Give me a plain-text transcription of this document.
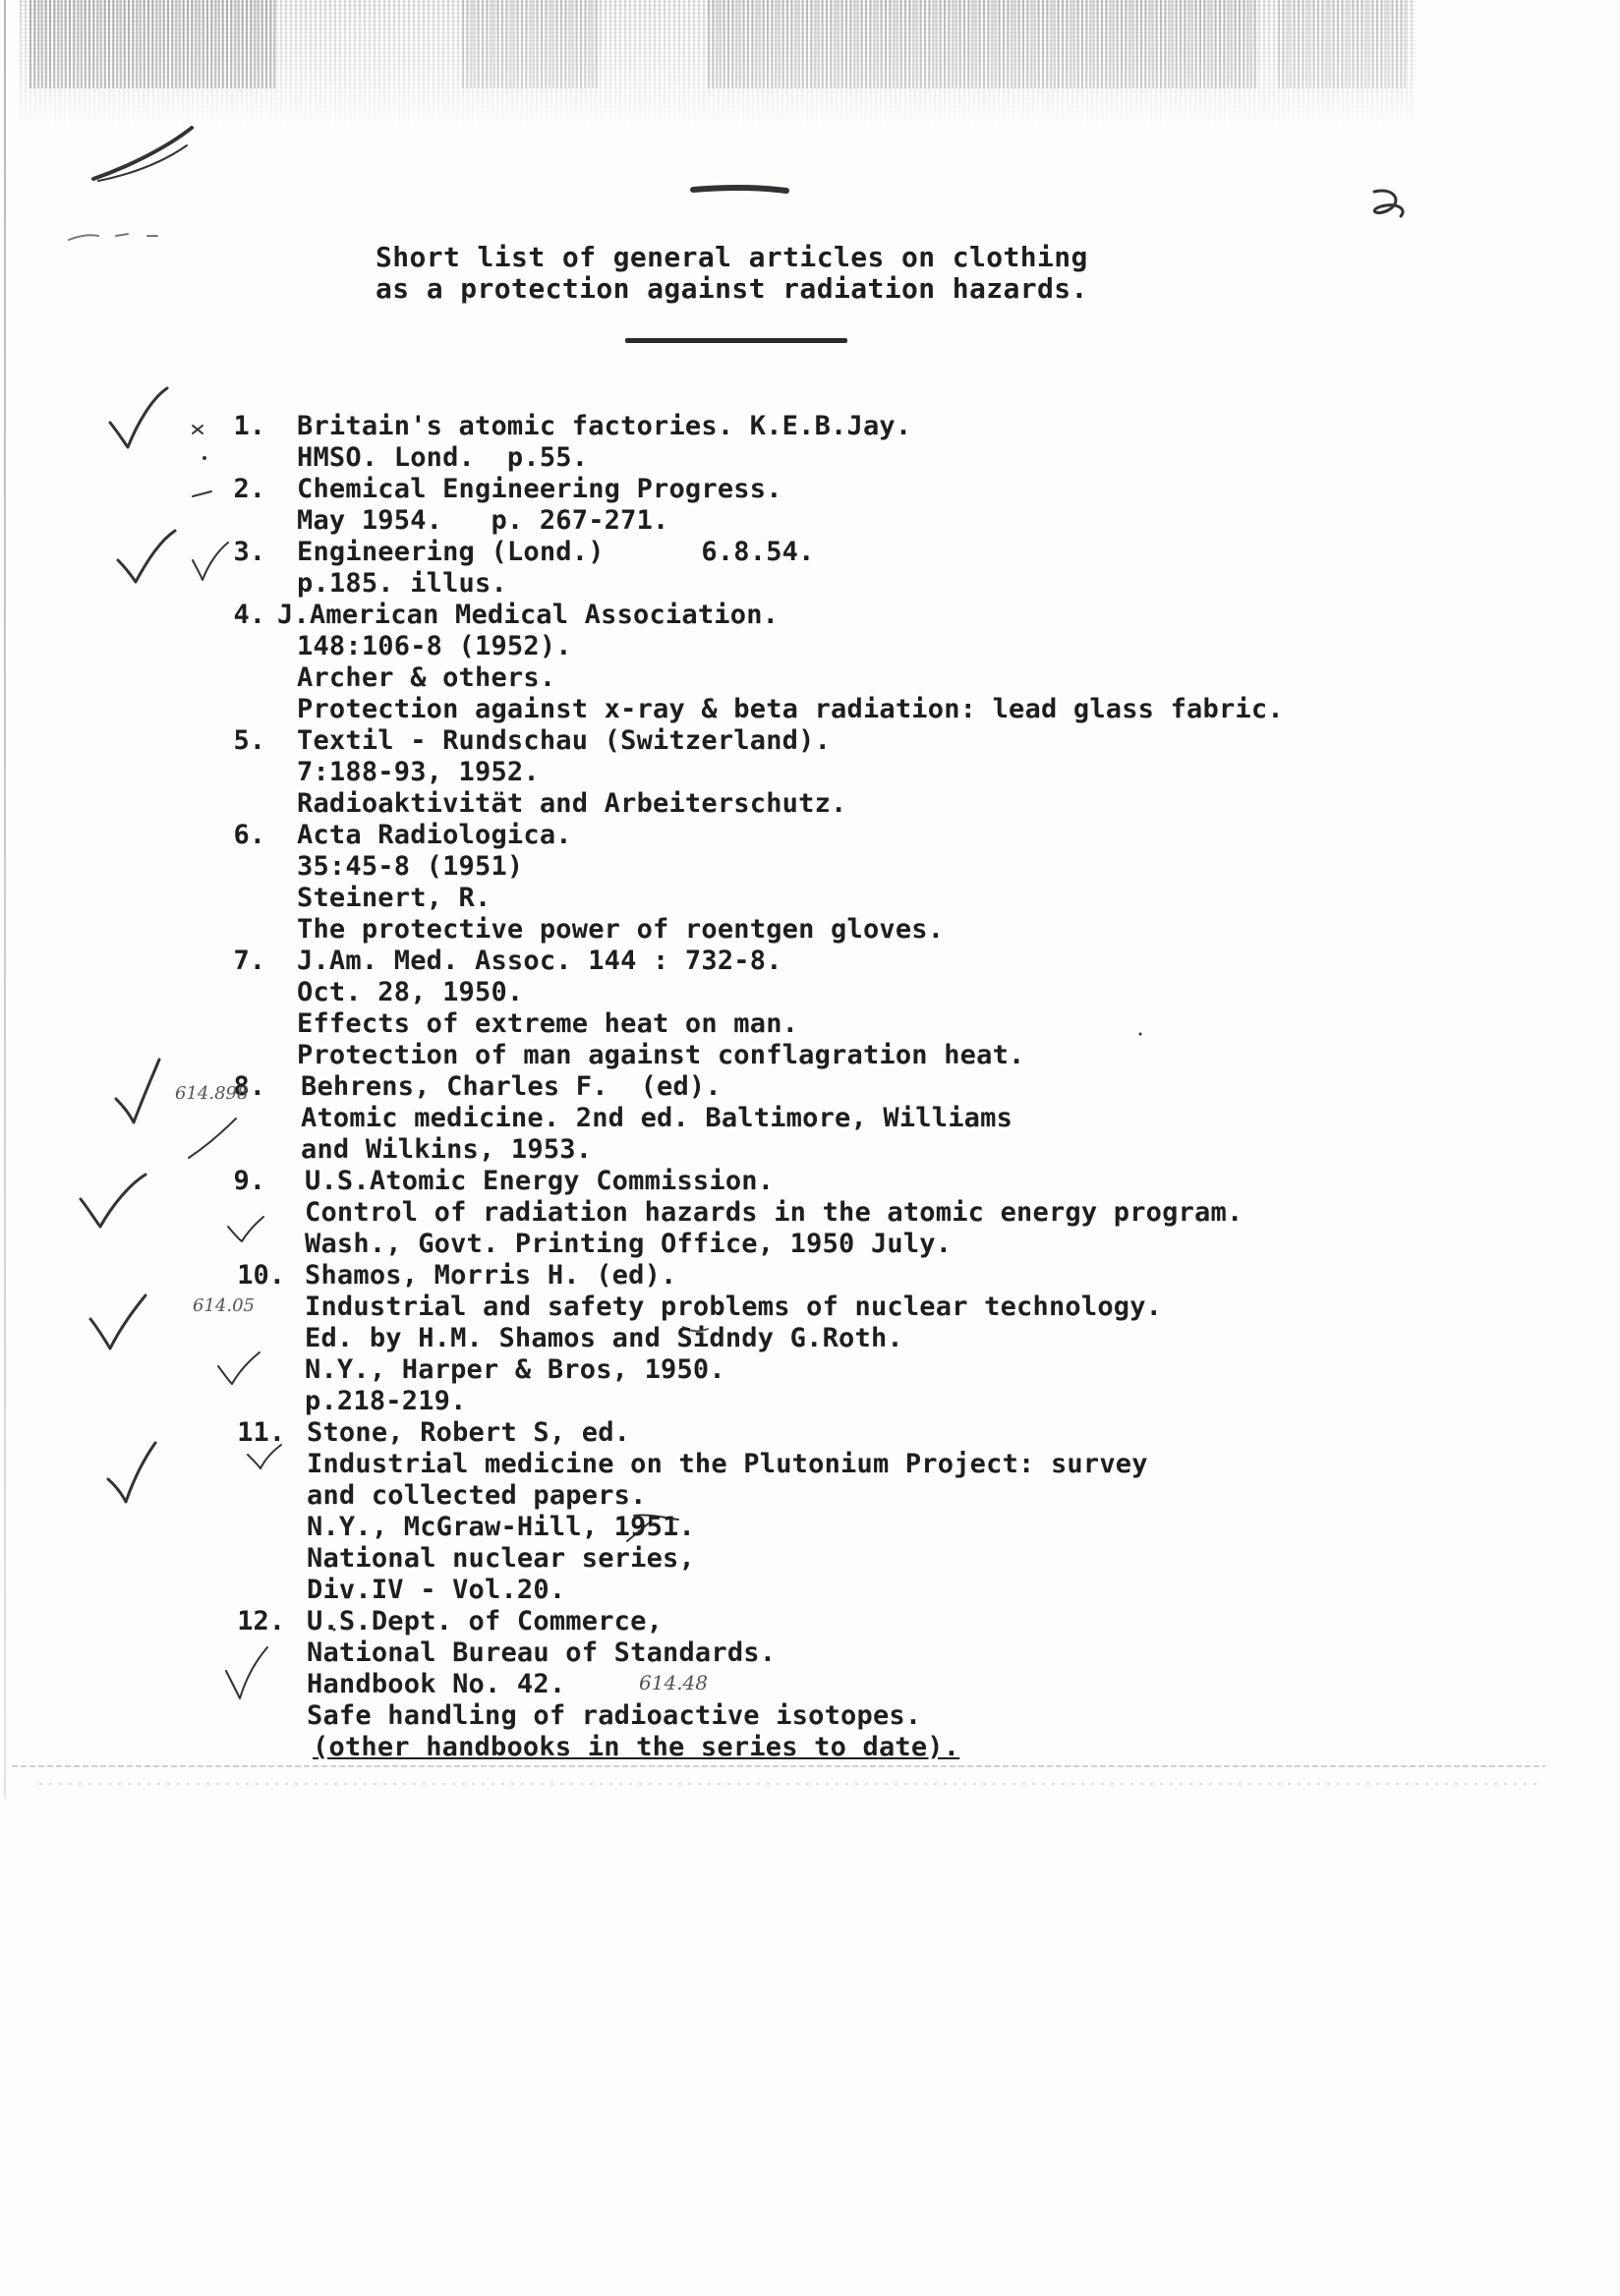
Short list of general articles on clothing
as a protection against radiation hazards.
1. Britain's atomic factories. K.E.B.Jay.
HMSO. Lond.  p.55.
2. Chemical Engineering Progress.
May 1954.   p. 267-271.
3. Engineering (Lond.)      6.8.54.
p.185. illus.
4. J.American Medical Association.
148:106-8 (1952).
Archer & others.
Protection against x-ray & beta radiation: lead glass fabric.
5. Textil - Rundschau (Switzerland).
7:188-93, 1952.
Radioaktivität and Arbeiterschutz.
6. Acta Radiologica.
35:45-8 (1951)
Steinert, R.
The protective power of roentgen gloves.
7. J.Am. Med. Assoc. 144 : 732-8.
Oct. 28, 1950.
Effects of extreme heat on man.
Protection of man against conflagration heat.
8. Behrens, Charles F.  (ed).
Atomic medicine. 2nd ed. Baltimore, Williams
and Wilkins, 1953.
614.898
9. U.S.Atomic Energy Commission.
Control of radiation hazards in the atomic energy program.
Wash., Govt. Printing Office, 1950 July.
10. Shamos, Morris H. (ed).
Industrial and safety problems of nuclear technology.
Ed. by H.M. Shamos and Sidndy G.Roth.
N.Y., Harper & Bros, 1950.
p.218-219.
614.05
11. Stone, Robert S, ed.
Industrial medicine on the Plutonium Project: survey
and collected papers.
N.Y., McGraw-Hill, 1951.
National nuclear series,
Div.IV - Vol.20.
12. U.S.Dept. of Commerce,
National Bureau of Standards.
Handbook No. 42.
Safe handling of radioactive isotopes.
(other handbooks in the series to date).
614.48
